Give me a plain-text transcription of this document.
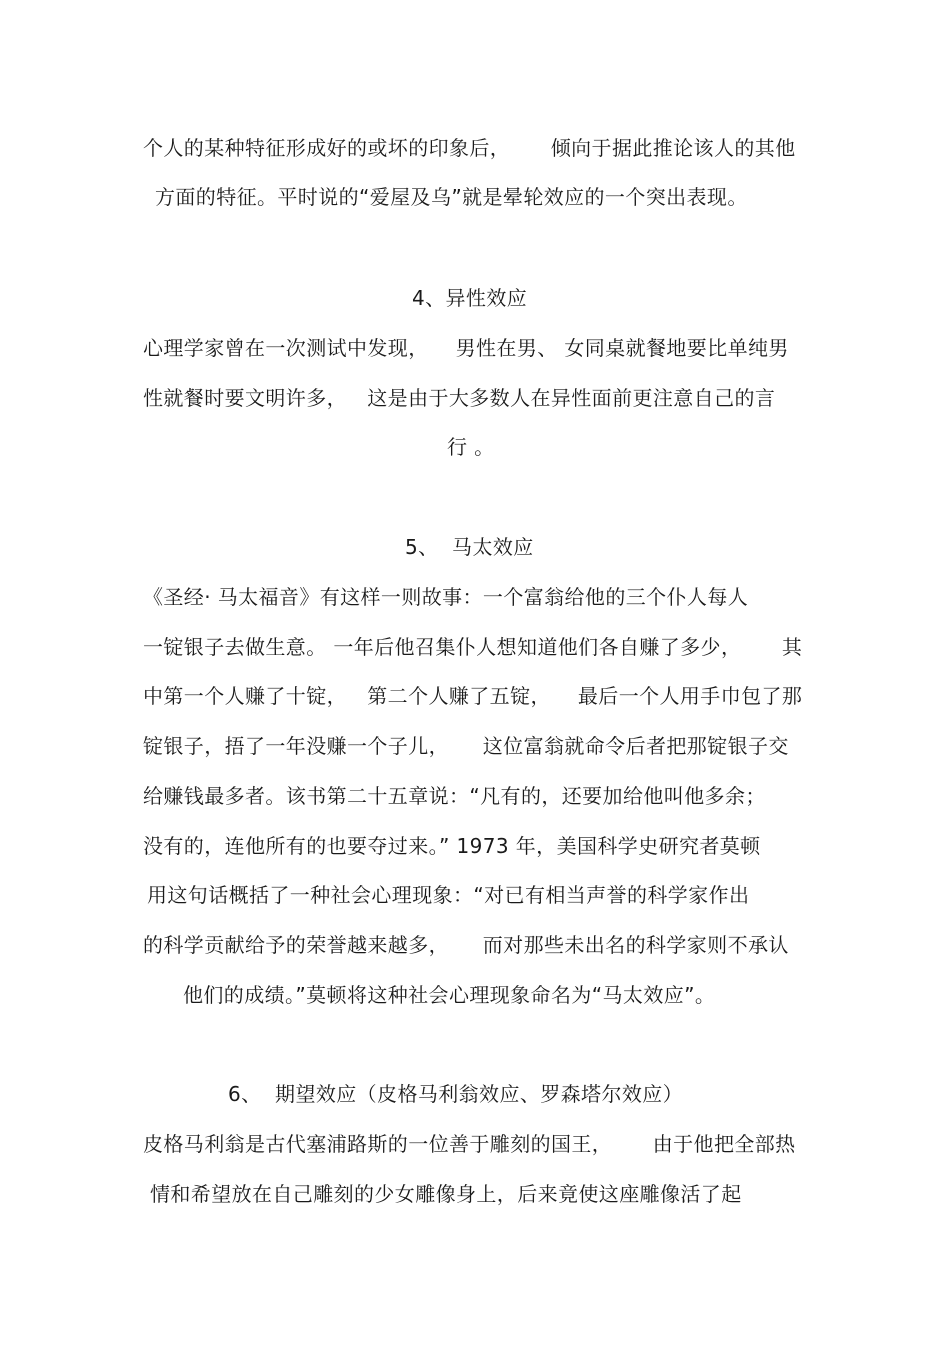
个人的某种特征形成好的或坏的印象后，      倾向于据此推论该人的其他
方面的特征。平时说的“爱屋及乌”就是晕轮效应的一个突出表现。
4、异性效应
心理学家曾在一次测试中发现，    男性在男、 女同桌就餐地要比单纯男
性就餐时要文明许多，   这是由于大多数人在异性面前更注意自己的言
行 。
5、  马太效应
《圣经· 马太福音》有这样一则故事：一个富翁给他的三个仆人每人
一锭银子去做生意。 一年后他召集仆人想知道他们各自赚了多少，      其
中第一个人赚了十锭，   第二个人赚了五锭，    最后一个人用手巾包了那
锭银子，捂了一年没赚一个子儿，     这位富翁就命令后者把那锭银子交
给赚钱最多者。该书第二十五章说：“凡有的，还要加给他叫他多余；
没有的，连他所有的也要夺过来。” 1973 年，美国科学史研究者莫顿
用这句话概括了一种社会心理现象：“对已有相当声誉的科学家作出
的科学贡献给予的荣誉越来越多，     而对那些未出名的科学家则不承认
他们的成绩。”莫顿将这种社会心理现象命名为“马太效应”。
6、  期望效应（皮格马利翁效应、罗森塔尔效应）
皮格马利翁是古代塞浦路斯的一位善于雕刻的国王，      由于他把全部热
情和希望放在自己雕刻的少女雕像身上，后来竟使这座雕像活了起
